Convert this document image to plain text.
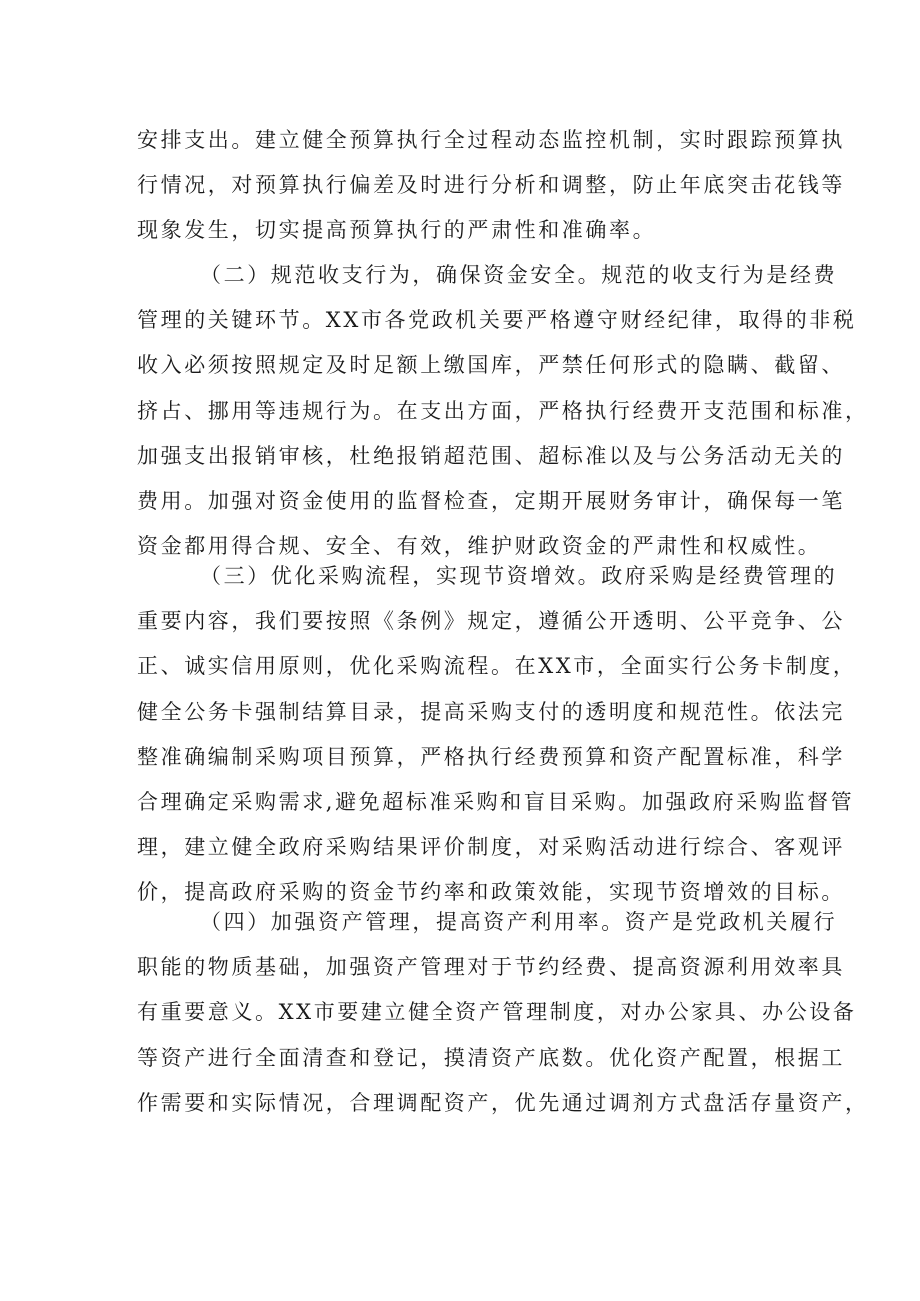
安排支出。建立健全预算执行全过程动态监控机制，实时跟踪预算执
行情况，对预算执行偏差及时进行分析和调整，防止年底突击花钱等
现象发生，切实提高预算执行的严肃性和准确率。
（二）规范收支行为，确保资金安全。规范的收支行为是经费
管理的关键环节。XX市各党政机关要严格遵守财经纪律，取得的非税
收入必须按照规定及时足额上缴国库，严禁任何形式的隐瞒、截留、
挤占、挪用等违规行为。在支出方面，严格执行经费开支范围和标准，
加强支出报销审核，杜绝报销超范围、超标准以及与公务活动无关的
费用。加强对资金使用的监督检查，定期开展财务审计，确保每一笔
资金都用得合规、安全、有效，维护财政资金的严肃性和权威性。
（三）优化采购流程，实现节资增效。政府采购是经费管理的
重要内容，我们要按照《条例》规定，遵循公开透明、公平竞争、公
正、诚实信用原则，优化采购流程。在XX市，全面实行公务卡制度，
健全公务卡强制结算目录，提高采购支付的透明度和规范性。依法完
整准确编制采购项目预算，严格执行经费预算和资产配置标准，科学
合理确定采购需求,避免超标准采购和盲目采购。加强政府采购监督管
理，建立健全政府采购结果评价制度，对采购活动进行综合、客观评
价，提高政府采购的资金节约率和政策效能，实现节资增效的目标。
（四）加强资产管理，提高资产利用率。资产是党政机关履行
职能的物质基础，加强资产管理对于节约经费、提高资源利用效率具
有重要意义。XX市要建立健全资产管理制度，对办公家具、办公设备
等资产进行全面清查和登记，摸清资产底数。优化资产配置，根据工
作需要和实际情况，合理调配资产，优先通过调剂方式盘活存量资产，
